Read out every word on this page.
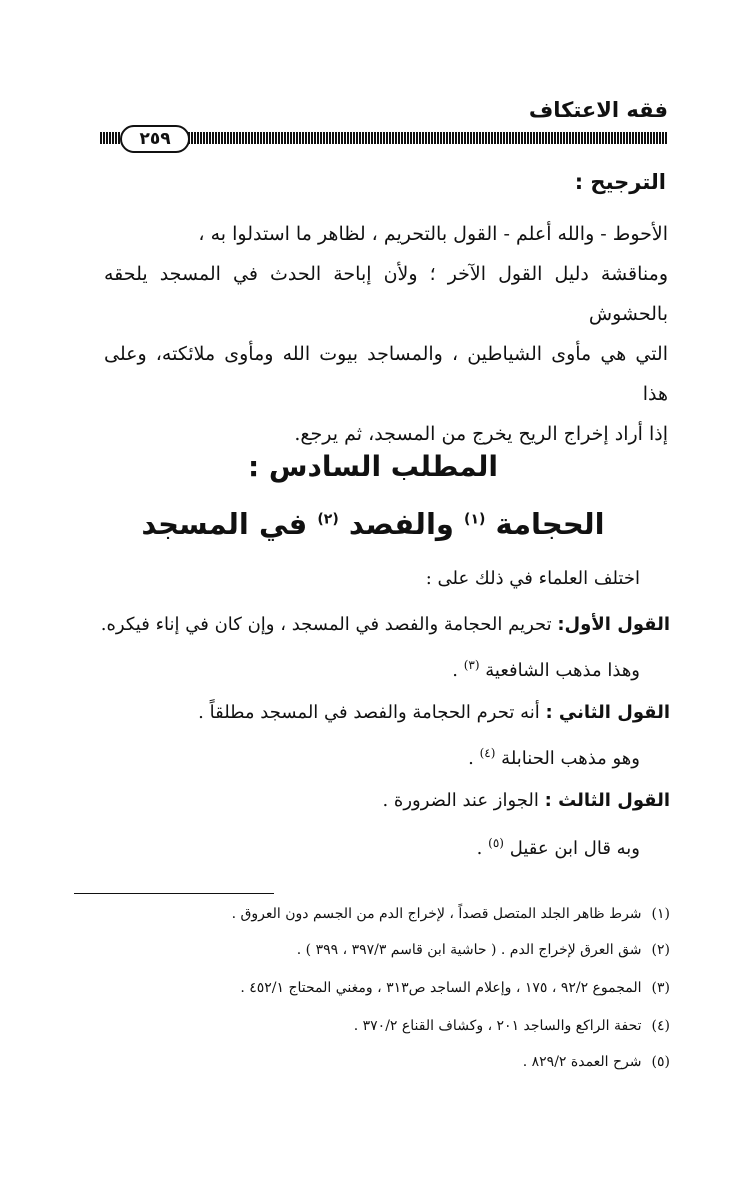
فقه الاعتكاف
٢٥٩
الترجيح :

الأحوط - والله أعلم - القول بالتحريم ، لظاهر ما استدلوا به ،

ومناقشة دليل القول الآخر ؛ ولأن إباحة الحدث في المسجد يلحقه بالحشوش

التي هي مأوى الشياطين ، والمساجد بيوت الله ومأوى ملائكته، وعلى هذا

إذا أراد إخراج الريح يخرج من المسجد، ثم يرجع.

المطلب السادس :
الحجامة $^{(١)}$ والفصد $^{(٢)}$ في المسجد
اختلف العلماء في ذلك على :
القول الأول: تحريم الحجامة والفصد في المسجد ، وإن كان في إناء فيكره.
وهذا مذهب الشافعية $^{(٣)}$ .
القول الثاني : أنه تحرم الحجامة والفصد في المسجد مطلقاً .
وهو مذهب الحنابلة $^{(٤)}$ .
القول الثالث : الجواز عند الضرورة .
وبه قال ابن عقيل $^{(٥)}$ .
(١)شرط ظاهر الجلد المتصل قصداً ، لإخراج الدم من الجسم دون العروق .
(٢)شق العرق لإخراج الدم . ( حاشية ابن قاسم ٣٩٧/٣ ، ٣٩٩ ) .
(٣)المجموع ٩٢/٢ ، ١٧٥ ، وإعلام الساجد ص٣١٣ ، ومغني المحتاج ٤٥٢/١ .
(٤)تحفة الراكع والساجد ٢٠١ ، وكشاف القناع ٣٧٠/٢ .
(٥)شرح العمدة ٨٢٩/٢ .
